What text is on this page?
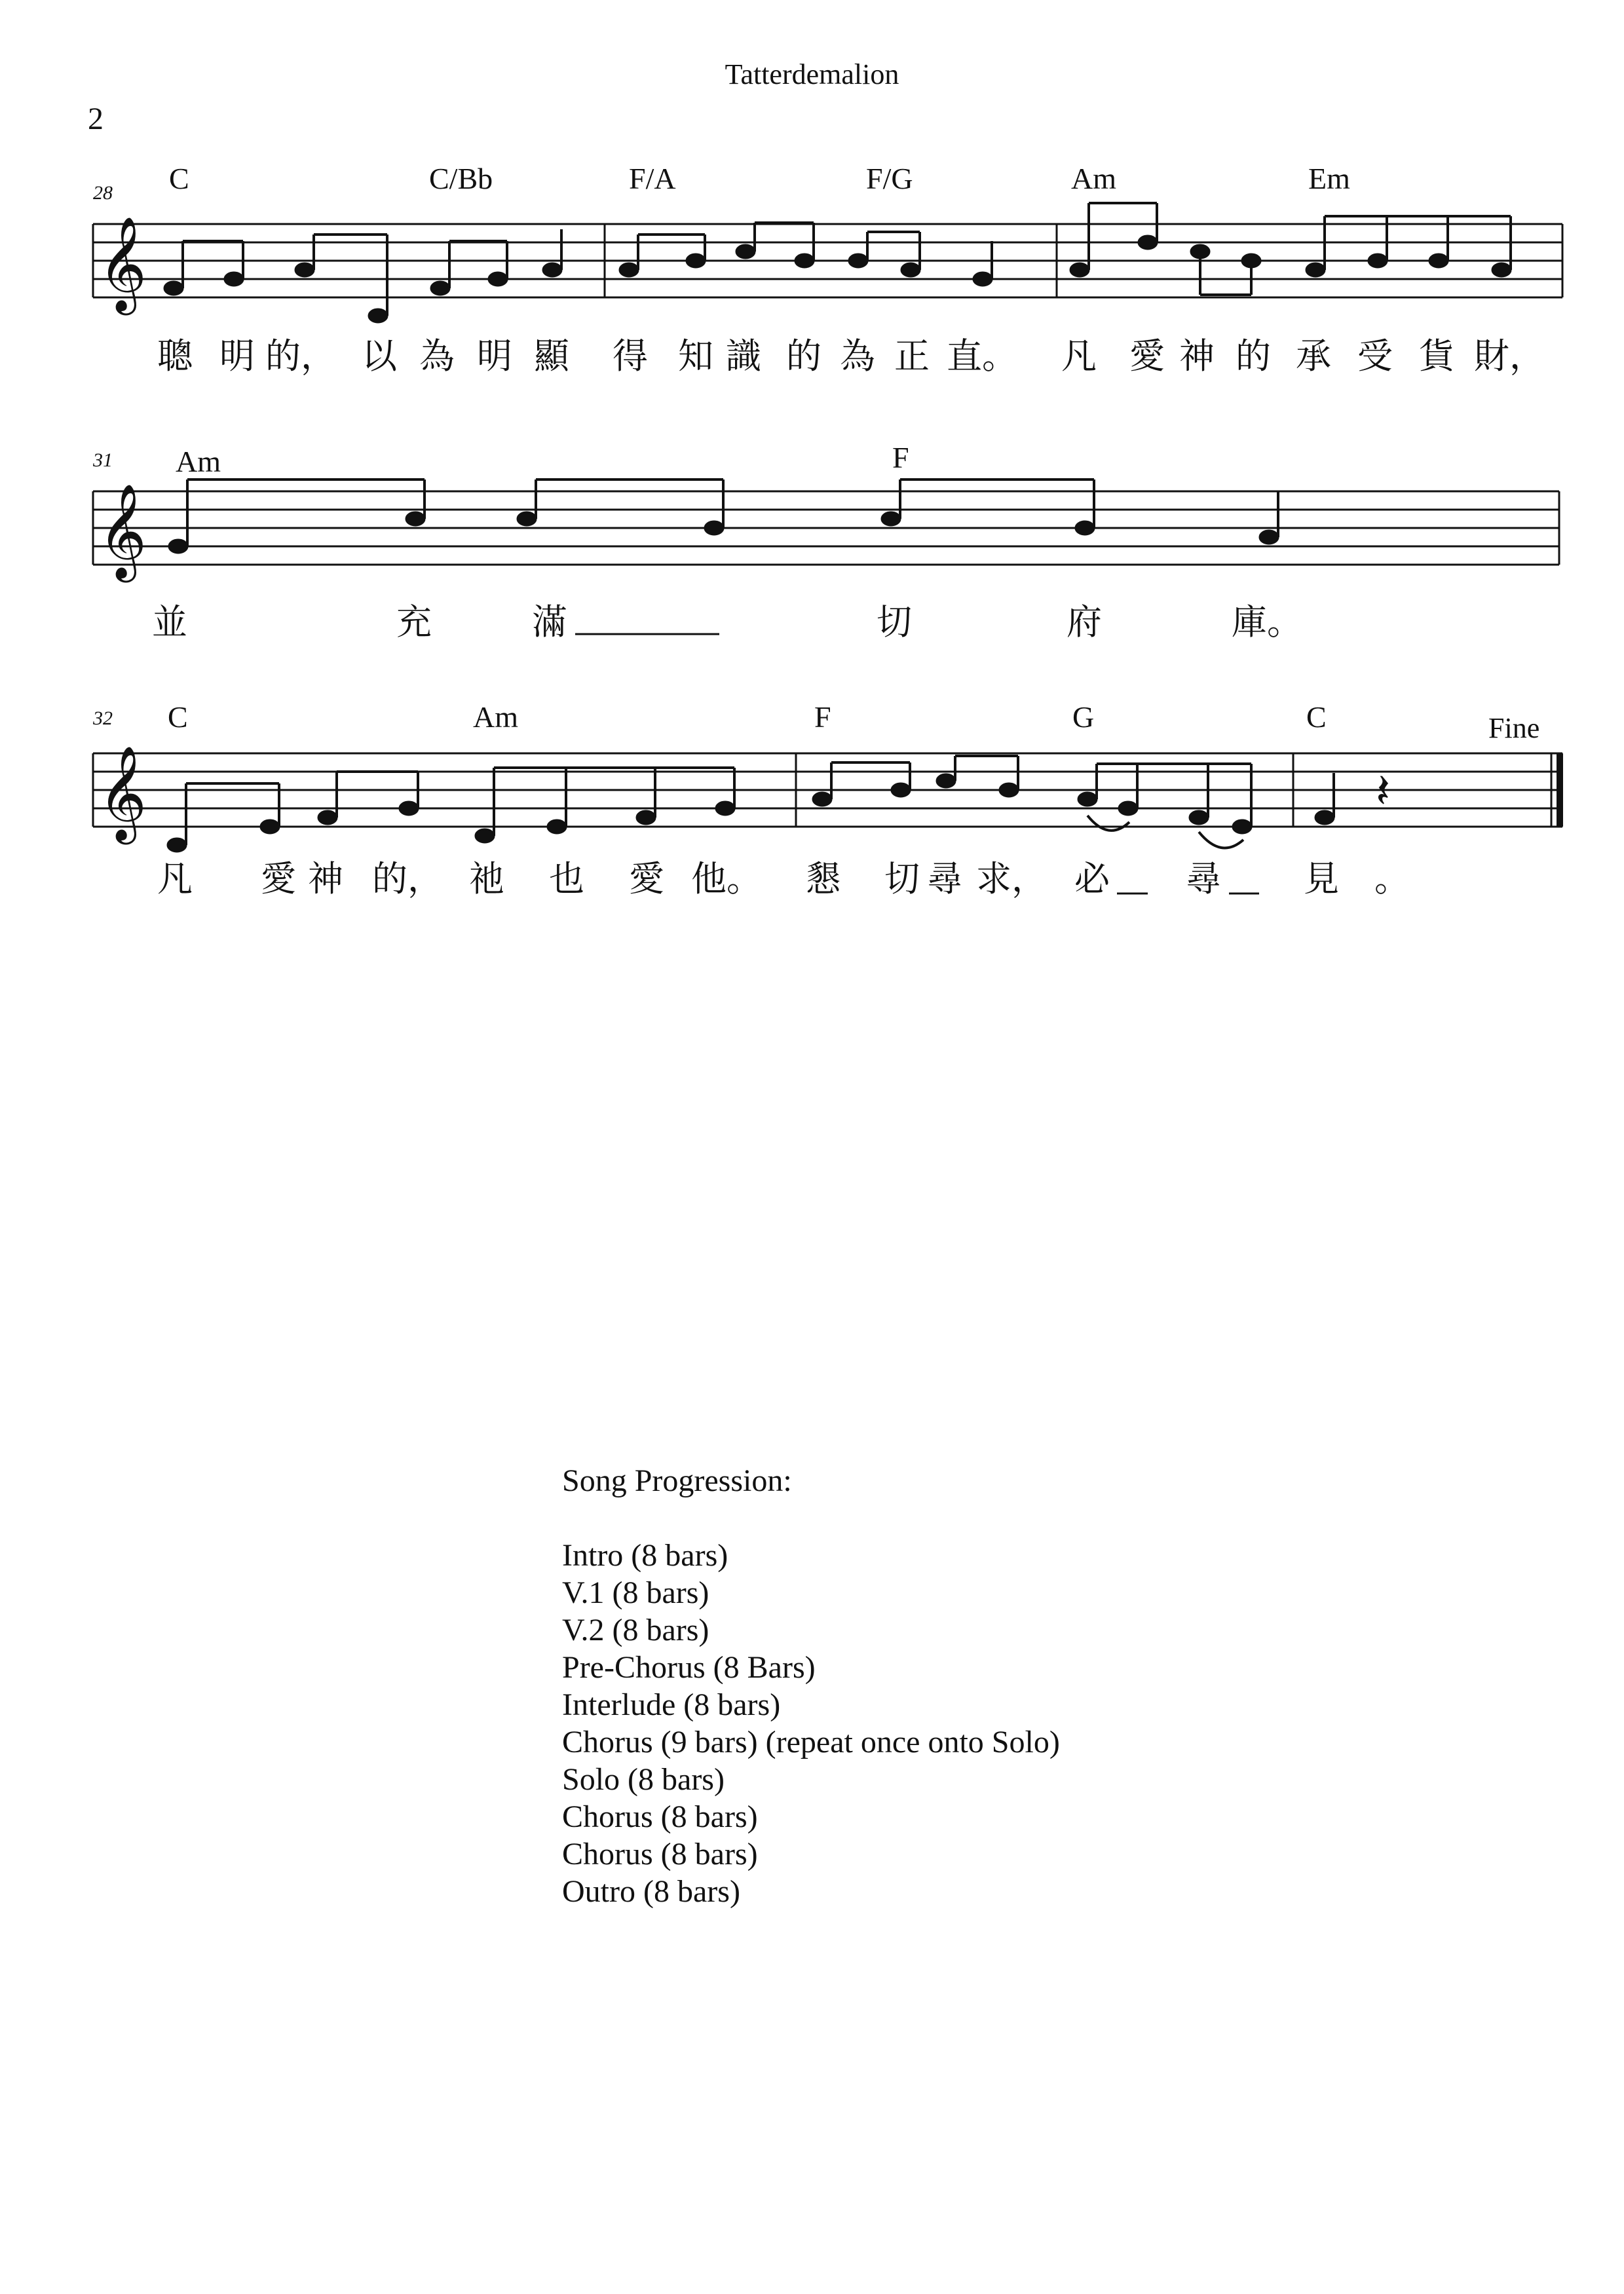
Tatterdemalion
2
28 C	C/Bb	F/A	F/G	Am	Em
𝄞
聰 明 的， 以 為 明 顯 得 知 識 的 為 正 直。 凡 愛 神 的 承 受 貨 財，
31 Am	F
𝄞
並	充	滿	切	府	庫。
32 C	Am	F	G	C	Fine
𝄞	𝄽
凡 愛 神 的， 祂 也 愛 他。 懇 切 尋 求， 必 尋 見 。
Song Progression:
Intro (8 bars)
V.1 (8 bars)
V.2 (8 bars)
Pre-Chorus (8 Bars)
Interlude (8 bars)
Chorus (9 bars) (repeat once onto Solo)
Solo (8 bars)
Chorus (8 bars)
Chorus (8 bars)
Outro (8 bars)
